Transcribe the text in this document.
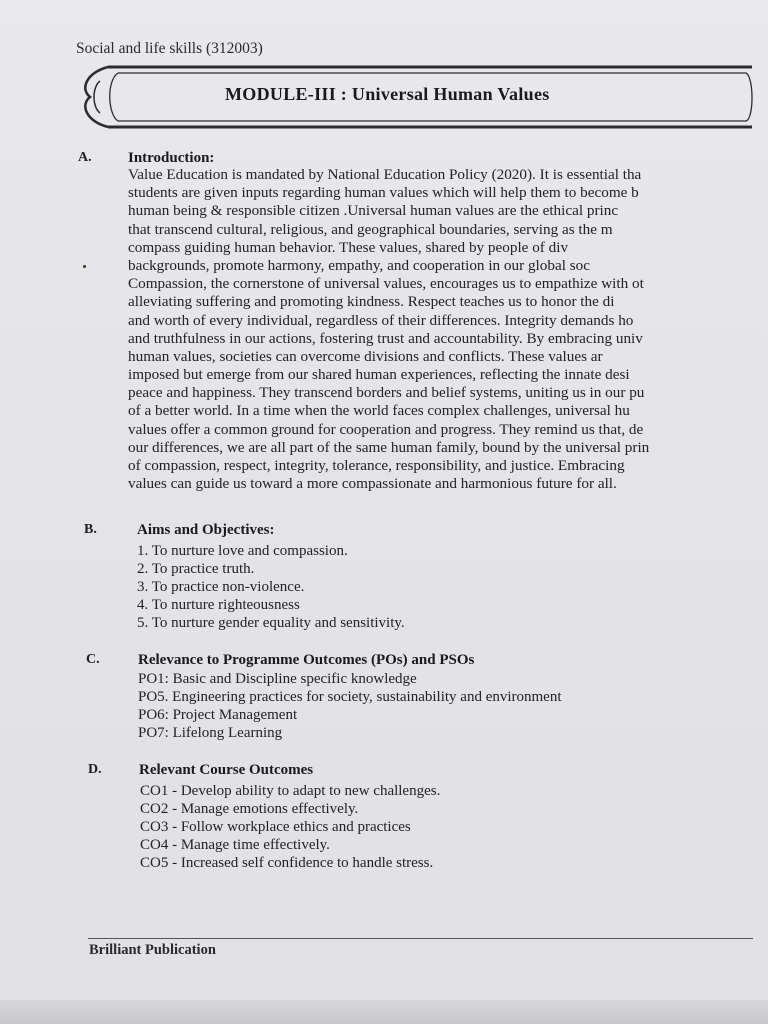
Social and life skills (312003)
MODULE-III : Universal Human Values
A. Introduction:
Value Education is mandated by National Education Policy (2020). It is essential tha
students are given inputs regarding human values which will help them to become b
human being & responsible citizen .Universal human values are the ethical princ
that transcend cultural, religious, and geographical boundaries, serving as the m
compass guiding human behavior. These values, shared by people of div
backgrounds, promote harmony, empathy, and cooperation in our global soc
Compassion, the cornerstone of universal values, encourages us to empathize with ot
alleviating suffering and promoting kindness. Respect teaches us to honor the di
and worth of every individual, regardless of their differences. Integrity demands ho
and truthfulness in our actions, fostering trust and accountability. By embracing univ
human values, societies can overcome divisions and conflicts. These values ar
imposed but emerge from our shared human experiences, reflecting the innate desi
peace and happiness. They transcend borders and belief systems, uniting us in our pu
of a better world. In a time when the world faces complex challenges, universal hu
values offer a common ground for cooperation and progress. They remind us that, de
our differences, we are all part of the same human family, bound by the universal prin
of compassion, respect, integrity, tolerance, responsibility, and justice. Embracing
values can guide us toward a more compassionate and harmonious future for all.
B.	Aims and Objectives:
1. To nurture love and compassion.
2. To practice truth.
3. To practice non-violence.
4. To nurture righteousness
5. To nurture gender equality and sensitivity.
C.	Relevance to Programme Outcomes (POs) and PSOs
PO1: Basic and Discipline specific knowledge
PO5. Engineering practices for society, sustainability and environment
PO6: Project Management
PO7: Lifelong Learning
D. Relevant Course Outcomes
CO1 - Develop ability to adapt to new challenges.
CO2 - Manage emotions effectively.
CO3 - Follow workplace ethics and practices
CO4 - Manage time effectively.
CO5 - Increased self confidence to handle stress.
Brilliant Publication
